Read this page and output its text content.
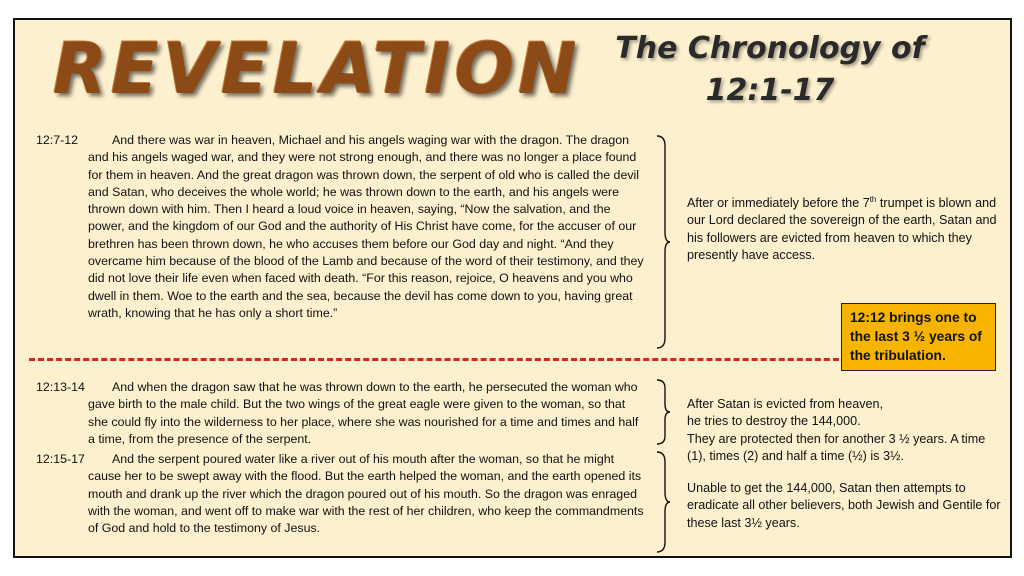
REVELATION	The Chronology of
12:1-17
12:7-12	And there was war in heaven, Michael and his angels waging war with the dragon. The dragon and his angels waged war, and they were not strong enough, and there was no longer a place found for them in heaven. And the great dragon was thrown down, the serpent of old who is called the devil and Satan, who deceives the whole world; he was thrown down to the earth, and his angels were thrown down with him. Then I heard a loud voice in heaven, saying, “Now the salvation, and the power, and the kingdom of our God and the authority of His Christ have come, for the accuser of our brethren has been thrown down, he who accuses them before our God day and night. “And they overcame him because of the blood of the Lamb and because of the word of their testimony, and they did not love their life even when faced with death. “For this reason, rejoice, O heavens and you who dwell in them. Woe to the earth and the sea, because the devil has come down to you, having great wrath, knowing that he has only a short time.”
After or immediately before the 7th trumpet is blown and our Lord declared the sovereign of the earth, Satan and his followers are evicted from heaven to which they presently have access.
12:12 brings one to the last 3 ½ years of the tribulation.
12:13-14	And when the dragon saw that he was thrown down to the earth, he persecuted the woman who gave birth to the male child. But the two wings of the great eagle were given to the woman, so that she could fly into the wilderness to her place, where she was nourished for a time and times and half a time, from the presence of the serpent.
12:15-17	And the serpent poured water like a river out of his mouth after the woman, so that he might cause her to be swept away with the flood. But the earth helped the woman, and the earth opened its mouth and drank up the river which the dragon poured out of his mouth. So the dragon was enraged with the woman, and went off to make war with the rest of her children, who keep the commandments of God and hold to the testimony of Jesus.
After Satan is evicted from heaven,
he tries to destroy the 144,000.
They are protected then for another 3 ½ years. A time (1), times (2) and half a time (½) is 3½.
Unable to get the 144,000, Satan then attempts to eradicate all other believers, both Jewish and Gentile for these last 3½ years.
